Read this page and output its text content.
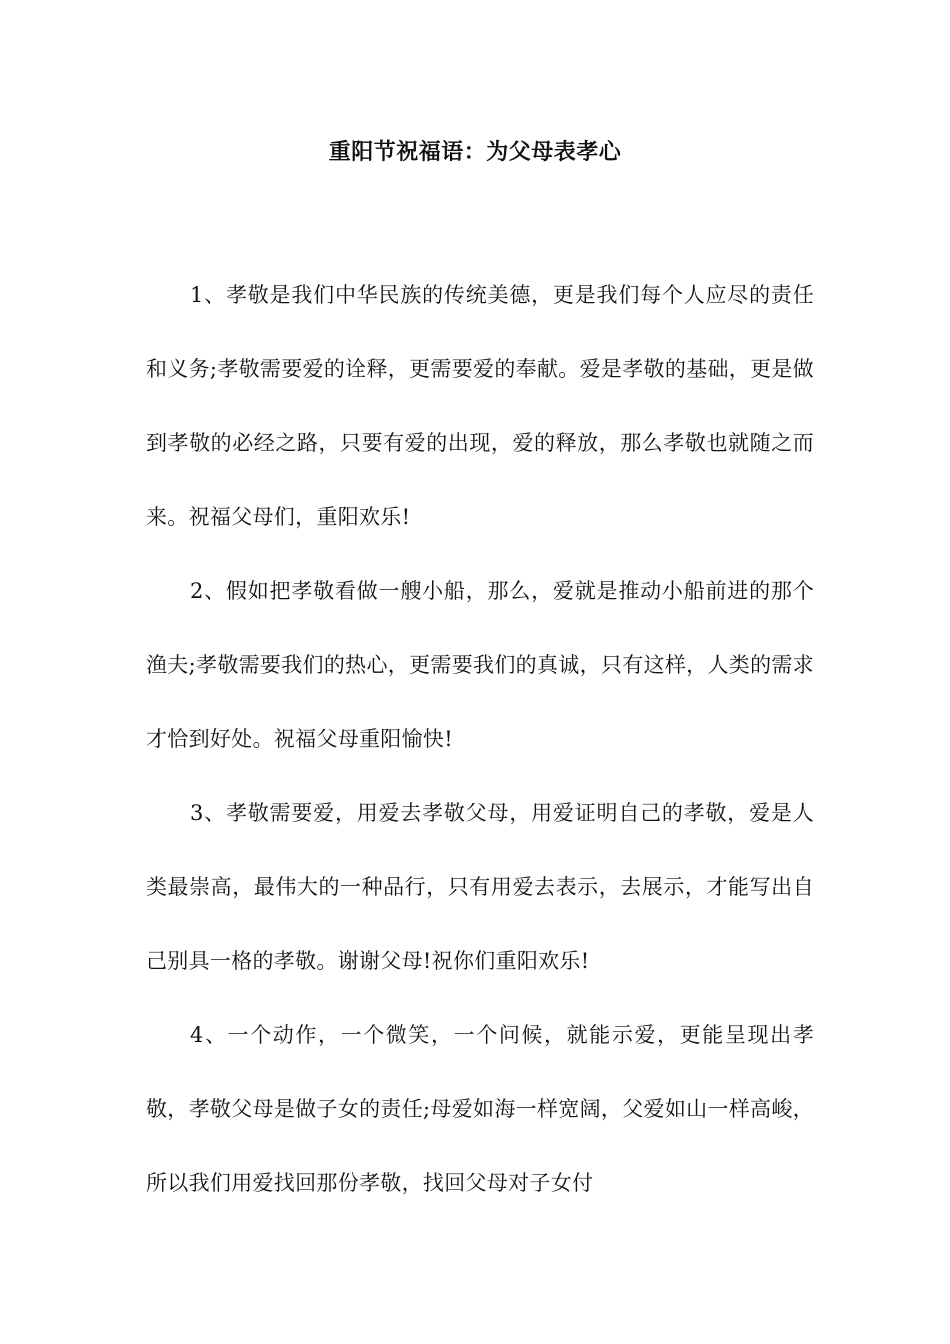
重阳节祝福语：为父母表孝心

1、孝敬是我们中华民族的传统美德，更是我们每个人应尽的责任和义务;孝敬需要爱的诠释，更需要爱的奉献。爱是孝敬的基础，更是做到孝敬的必经之路，只要有爱的出现，爱的释放，那么孝敬也就随之而来。祝福父母们，重阳欢乐!

2、假如把孝敬看做一艘小船，那么，爱就是推动小船前进的那个渔夫;孝敬需要我们的热心，更需要我们的真诚，只有这样，人类的需求才恰到好处。祝福父母重阳愉快!

3、孝敬需要爱，用爱去孝敬父母，用爱证明自己的孝敬，爱是人类最崇高，最伟大的一种品行，只有用爱去表示，去展示，才能写出自己别具一格的孝敬。谢谢父母!祝你们重阳欢乐!

4、一个动作，一个微笑，一个问候，就能示爱，更能呈现出孝敬，孝敬父母是做子女的责任;母爱如海一样宽阔，父爱如山一样高峻，所以我们用爱找回那份孝敬，找回父母对子女付
